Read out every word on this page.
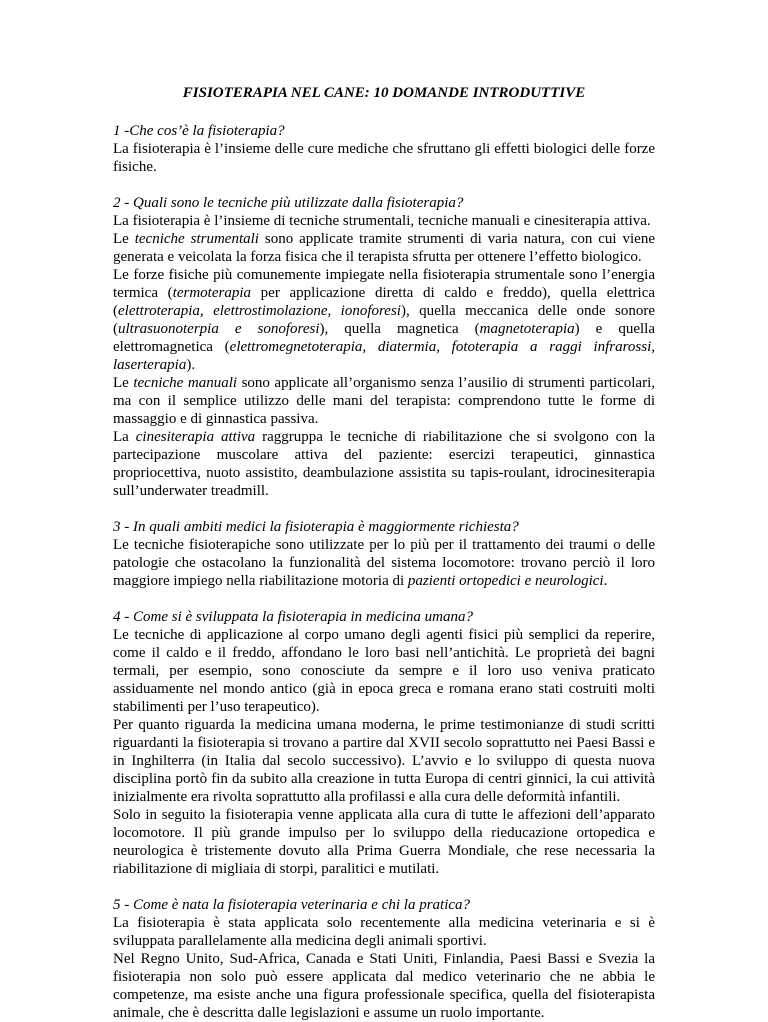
FISIOTERAPIA NEL CANE: 10 DOMANDE INTRODUTTIVE

1 -Che cos’è la fisioterapia?

La fisioterapia è l’insieme delle cure mediche che sfruttano gli effetti biologici delle forze fisiche.

2 - Quali sono le tecniche più utilizzate dalla fisioterapia?

La fisioterapia è l’insieme di tecniche strumentali, tecniche manuali e cinesiterapia attiva.

Le tecniche strumentali sono applicate tramite strumenti di varia natura, con cui viene generata e veicolata la forza fisica che il terapista sfrutta per ottenere l’effetto biologico.

Le forze fisiche più comunemente impiegate nella fisioterapia strumentale sono l’energia termica (termoterapia per applicazione diretta di caldo e freddo), quella elettrica (elettroterapia, elettrostimolazione, ionoforesi), quella meccanica delle onde sonore (ultrasuonoterpia e sonoforesi), quella magnetica (magnetoterapia) e quella elettromagnetica (elettromegnetoterapia, diatermia, fototerapia a raggi infrarossi, laserterapia).

Le tecniche manuali sono applicate all’organismo senza l’ausilio di strumenti particolari, ma con il semplice utilizzo delle mani del terapista: comprendono tutte le forme di massaggio e di ginnastica passiva.

La cinesiterapia attiva raggruppa le tecniche di riabilitazione che si svolgono con la partecipazione muscolare attiva del paziente: esercizi terapeutici, ginnastica propriocettiva, nuoto assistito, deambulazione assistita su tapis-roulant, idrocinesiterapia sull’underwater treadmill.

3 - In quali ambiti medici la fisioterapia è maggiormente richiesta?

Le tecniche fisioterapiche sono utilizzate per lo più per il trattamento dei traumi o delle patologie che ostacolano la funzionalità del sistema locomotore: trovano perciò il loro maggiore impiego nella riabilitazione motoria di pazienti ortopedici e neurologici.

4 - Come si è sviluppata la fisioterapia in medicina umana?

Le tecniche di applicazione al corpo umano degli agenti fisici più semplici da reperire, come il caldo e il freddo, affondano le loro basi nell’antichità. Le proprietà dei bagni termali, per esempio, sono conosciute da sempre e il loro uso veniva praticato assiduamente nel mondo antico (già in epoca greca e romana erano stati costruiti molti stabilimenti per l’uso terapeutico).

Per quanto riguarda la medicina umana moderna, le prime testimonianze di studi scritti riguardanti la fisioterapia si trovano a partire dal XVII secolo soprattutto nei Paesi Bassi e in Inghilterra (in Italia dal secolo successivo). L’avvio e lo sviluppo di questa nuova disciplina portò fin da subito alla creazione in tutta Europa di centri ginnici, la cui attività inizialmente era rivolta soprattutto alla profilassi e alla cura delle deformità infantili.

Solo in seguito la fisioterapia venne applicata alla cura di tutte le affezioni dell’apparato locomotore. Il più grande impulso per lo sviluppo della rieducazione ortopedica e neurologica è tristemente dovuto alla Prima Guerra Mondiale, che rese necessaria la riabilitazione di migliaia di storpi, paralitici e mutilati.

5 - Come è nata la fisioterapia veterinaria e chi la pratica?

La fisioterapia è stata applicata solo recentemente alla medicina veterinaria e si è sviluppata parallelamente alla medicina degli animali sportivi.

Nel Regno Unito, Sud-Africa, Canada e Stati Uniti, Finlandia, Paesi Bassi e Svezia la fisioterapia non solo può essere applicata dal medico veterinario che ne abbia le competenze, ma esiste anche una figura professionale specifica, quella del fisioterapista animale, che è descritta dalle legislazioni e assume un ruolo importante.
